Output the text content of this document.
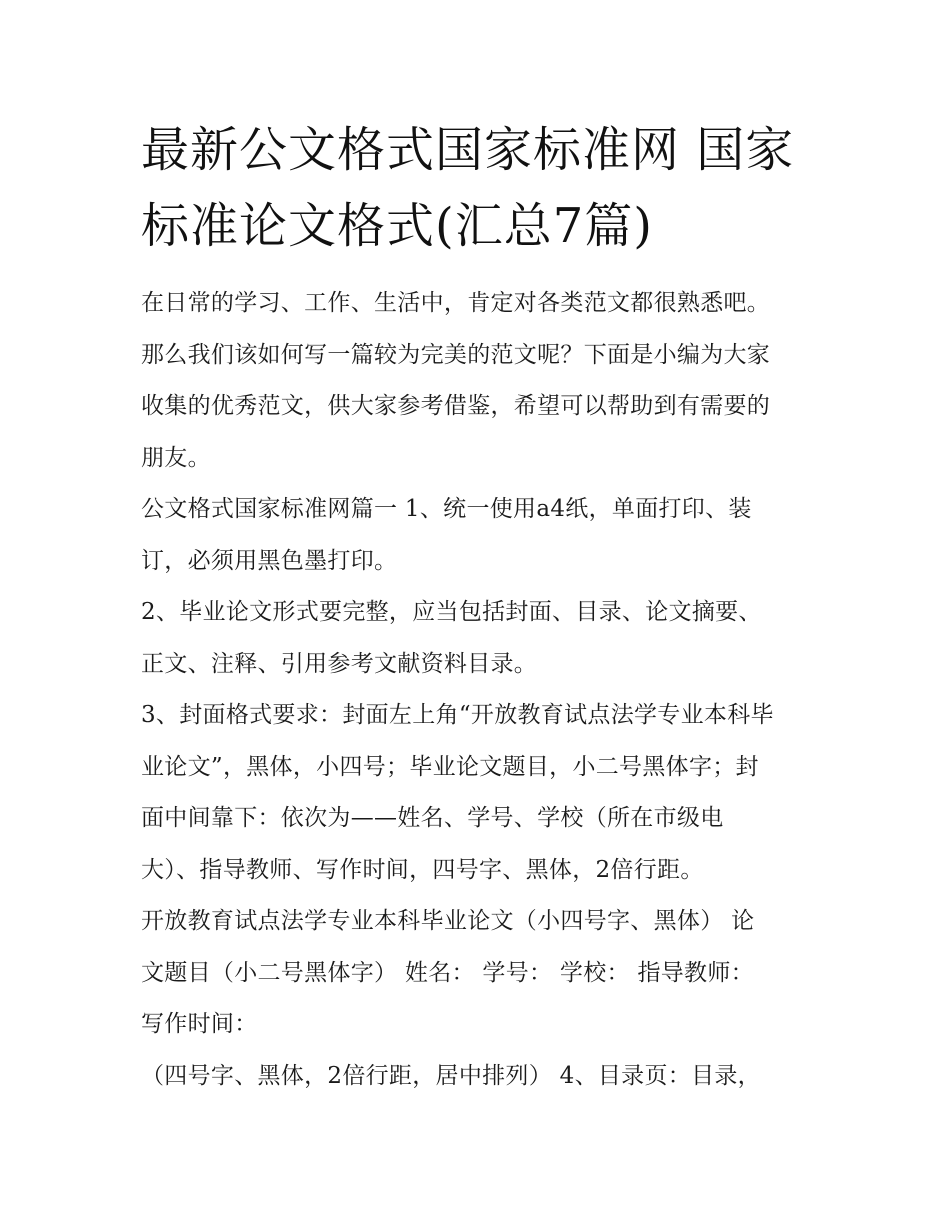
最新公文格式国家标准网 国家
标准论文格式(汇总7篇)

在日常的学习、工作、生活中，肯定对各类范文都很熟悉吧。
那么我们该如何写一篇较为完美的范文呢？下面是小编为大家
收集的优秀范文，供大家参考借鉴，希望可以帮助到有需要的
朋友。

公文格式国家标准网篇一 1、统一使用a4纸，单面打印、装
订，必须用黑色墨打印。

2、毕业论文形式要完整，应当包括封面、目录、论文摘要、
正文、注释、引用参考文献资料目录。

3、封面格式要求：封面左上角“开放教育试点法学专业本科毕
业论文”，黑体，小四号；毕业论文题目，小二号黑体字；封
面中间靠下：依次为——姓名、学号、学校（所在市级电
大）、指导教师、写作时间，四号字、黑体，2倍行距。

开放教育试点法学专业本科毕业论文（小四号字、黑体） 论
文题目（小二号黑体字） 姓名： 学号： 学校： 指导教师：
写作时间：

（四号字、黑体，2倍行距，居中排列） 4、目录页：目录，
